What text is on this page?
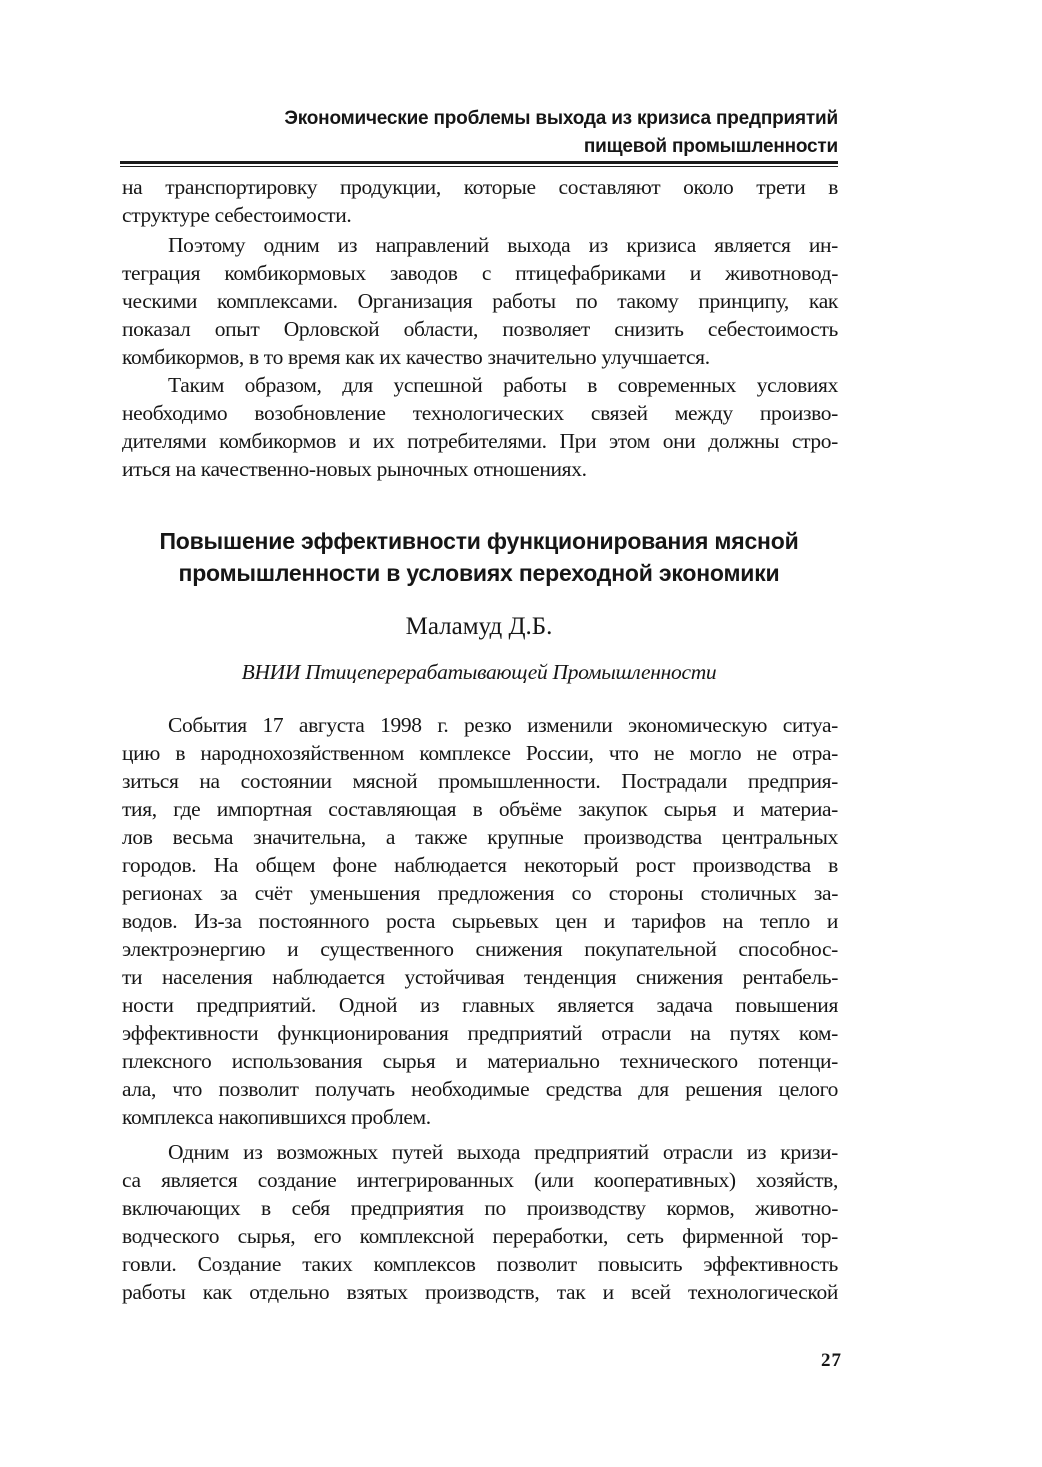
Экономические проблемы выхода из кризиса предприятий
пищевой промышленности
на транспортировку продукции, которые составляют около трети в
структуре себестоимости.
Поэтому одним из направлений выхода из кризиса является ин-
теграция комбикормовых заводов с птицефабриками и животновод-
ческими комплексами. Организация работы по такому принципу, как
показал опыт Орловской области, позволяет снизить себестоимость
комбикормов, в то время как их качество значительно улучшается.
Таким образом, для успешной работы в современных условиях
необходимо возобновление технологических связей между произво-
дителями комбикормов и их потребителями. При этом они должны стро-
иться на качественно-новых рыночных отношениях.
Повышение эффективности функционирования мясной
промышленности в условиях переходной экономики
Маламуд Д.Б.
ВНИИ Птицеперерабатывающей Промышленности
События 17 августа 1998 г. резко изменили экономическую ситуа-
цию в народнохозяйственном комплексе России, что не могло не отра-
зиться на состоянии мясной промышленности. Пострадали предприя-
тия, где импортная составляющая в объёме закупок сырья и материа-
лов весьма значительна, а также крупные производства центральных
городов. На общем фоне наблюдается некоторый рост производства в
регионах за счёт уменьшения предложения со стороны столичных за-
водов. Из-за постоянного роста сырьевых цен и тарифов на тепло и
электроэнергию и существенного снижения покупательной способнос-
ти населения наблюдается устойчивая тенденция снижения рентабель-
ности предприятий. Одной из главных является задача повышения
эффективности функционирования предприятий отрасли на путях ком-
плексного использования сырья и материально технического потенци-
ала, что позволит получать необходимые средства для решения целого
комплекса накопившихся проблем.
Одним из возможных путей выхода предприятий отрасли из кризи-
са является создание интегрированных (или кооперативных) хозяйств,
включающих в себя предприятия по производству кормов, животно-
водческого сырья, его комплексной переработки, сеть фирменной тор-
говли. Создание таких комплексов позволит повысить эффективность
работы как отдельно взятых производств, так и всей технологической
27
